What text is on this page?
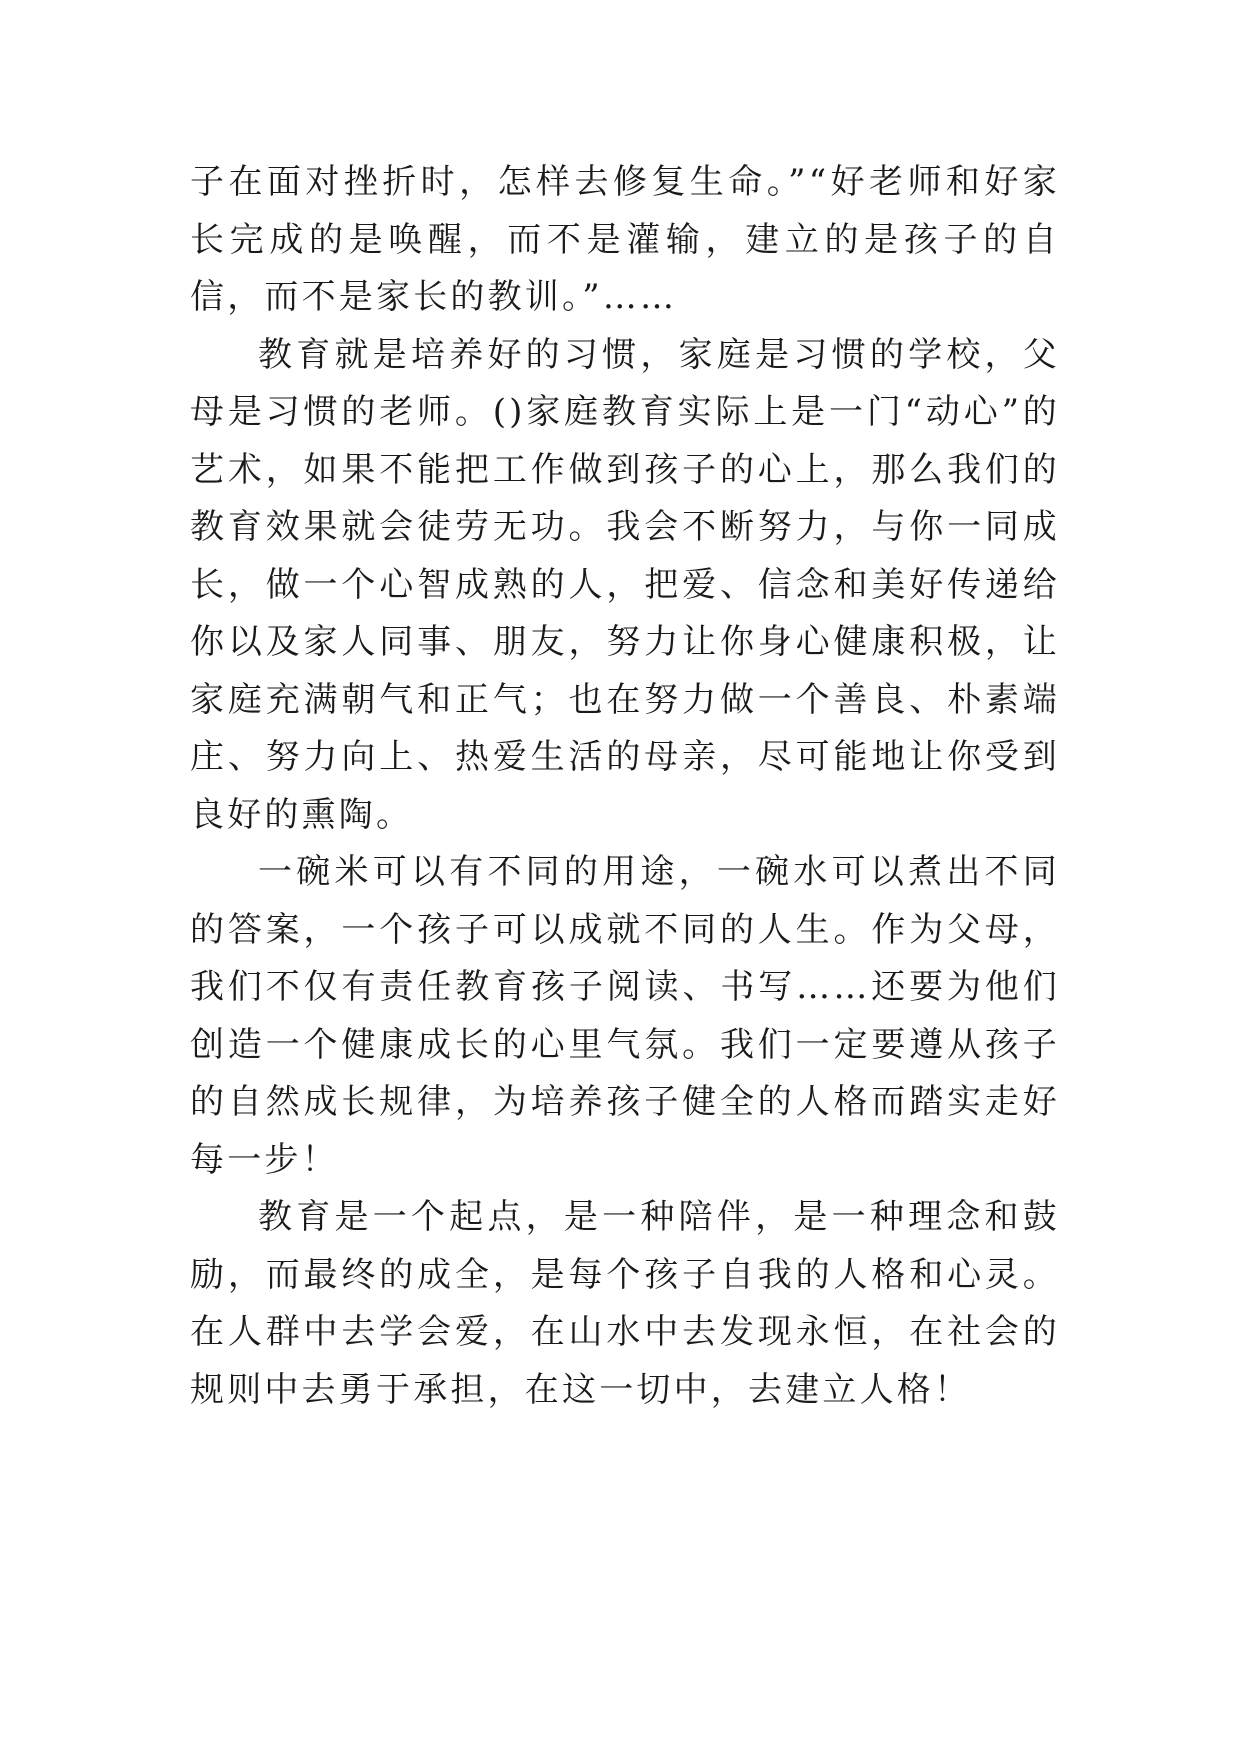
子在面对挫折时，怎样去修复生命。”“好老师和好家长完成的是唤醒，而不是灌输，建立的是孩子的自信，而不是家长的教训。”……

教育就是培养好的习惯，家庭是习惯的学校，父母是习惯的老师。()家庭教育实际上是一门“动心”的艺术，如果不能把工作做到孩子的心上，那么我们的教育效果就会徒劳无功。我会不断努力，与你一同成长，做一个心智成熟的人，把爱、信念和美好传递给你以及家人同事、朋友，努力让你身心健康积极，让家庭充满朝气和正气；也在努力做一个善良、朴素端庄、努力向上、热爱生活的母亲，尽可能地让你受到良好的熏陶。

一碗米可以有不同的用途，一碗水可以煮出不同的答案，一个孩子可以成就不同的人生。作为父母，我们不仅有责任教育孩子阅读、书写……还要为他们创造一个健康成长的心里气氛。我们一定要遵从孩子的自然成长规律，为培养孩子健全的人格而踏实走好每一步！

教育是一个起点，是一种陪伴，是一种理念和鼓励，而最终的成全，是每个孩子自我的人格和心灵。在人群中去学会爱，在山水中去发现永恒，在社会的规则中去勇于承担，在这一切中，去建立人格！
